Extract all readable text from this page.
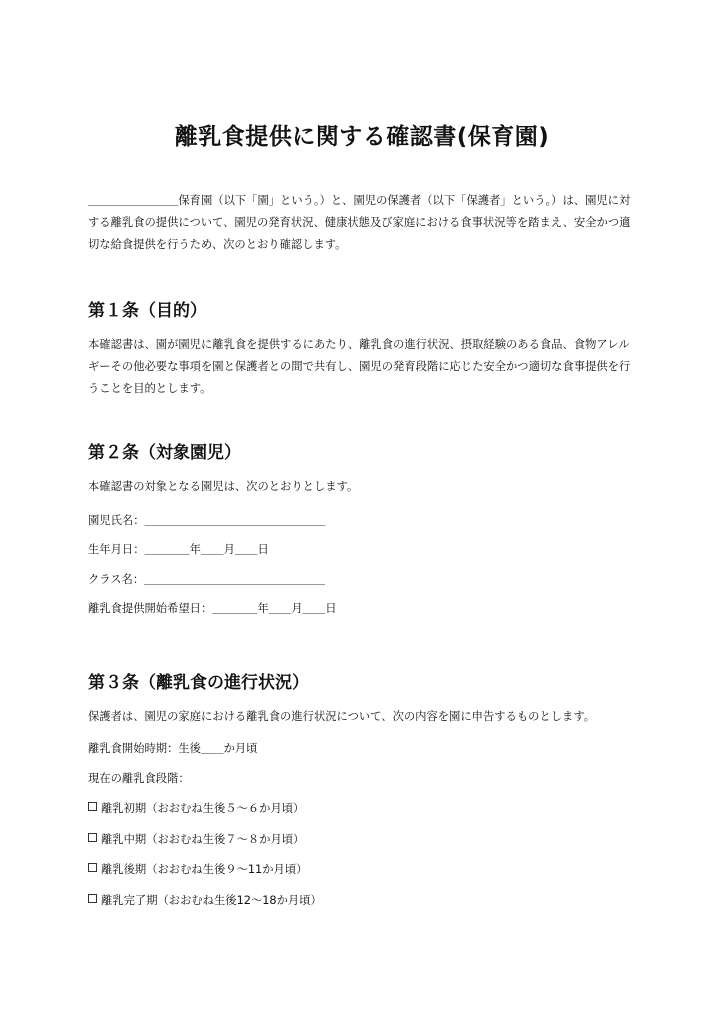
離乳食提供に関する確認書(保育園)
＿＿＿＿＿＿＿＿保育園（以下「園」という。）と、園児の保護者（以下「保護者」という。）は、園児に対する離乳食の提供について、園児の発育状況、健康状態及び家庭における食事状況等を踏まえ、安全かつ適切な給食提供を行うため、次のとおり確認します。
第１条（目的）
本確認書は、園が園児に離乳食を提供するにあたり、離乳食の進行状況、摂取経験のある食品、食物アレルギーその他必要な事項を園と保護者との間で共有し、園児の発育段階に応じた安全かつ適切な食事提供を行うことを目的とします。
第２条（対象園児）
本確認書の対象となる園児は、次のとおりとします。
園児氏名：＿＿＿＿＿＿＿＿＿＿＿＿＿＿＿＿
生年月日：＿＿＿＿年＿＿月＿＿日
クラス名：＿＿＿＿＿＿＿＿＿＿＿＿＿＿＿＿
離乳食提供開始希望日：＿＿＿＿年＿＿月＿＿日
第３条（離乳食の進行状況）
保護者は、園児の家庭における離乳食の進行状況について、次の内容を園に申告するものとします。
離乳食開始時期：生後＿＿か月頃
現在の離乳食段階：
離乳初期（おおむね生後５～６か月頃）
離乳中期（おおむね生後７～８か月頃）
離乳後期（おおむね生後９～11か月頃）
離乳完了期（おおむね生後12～18か月頃）
